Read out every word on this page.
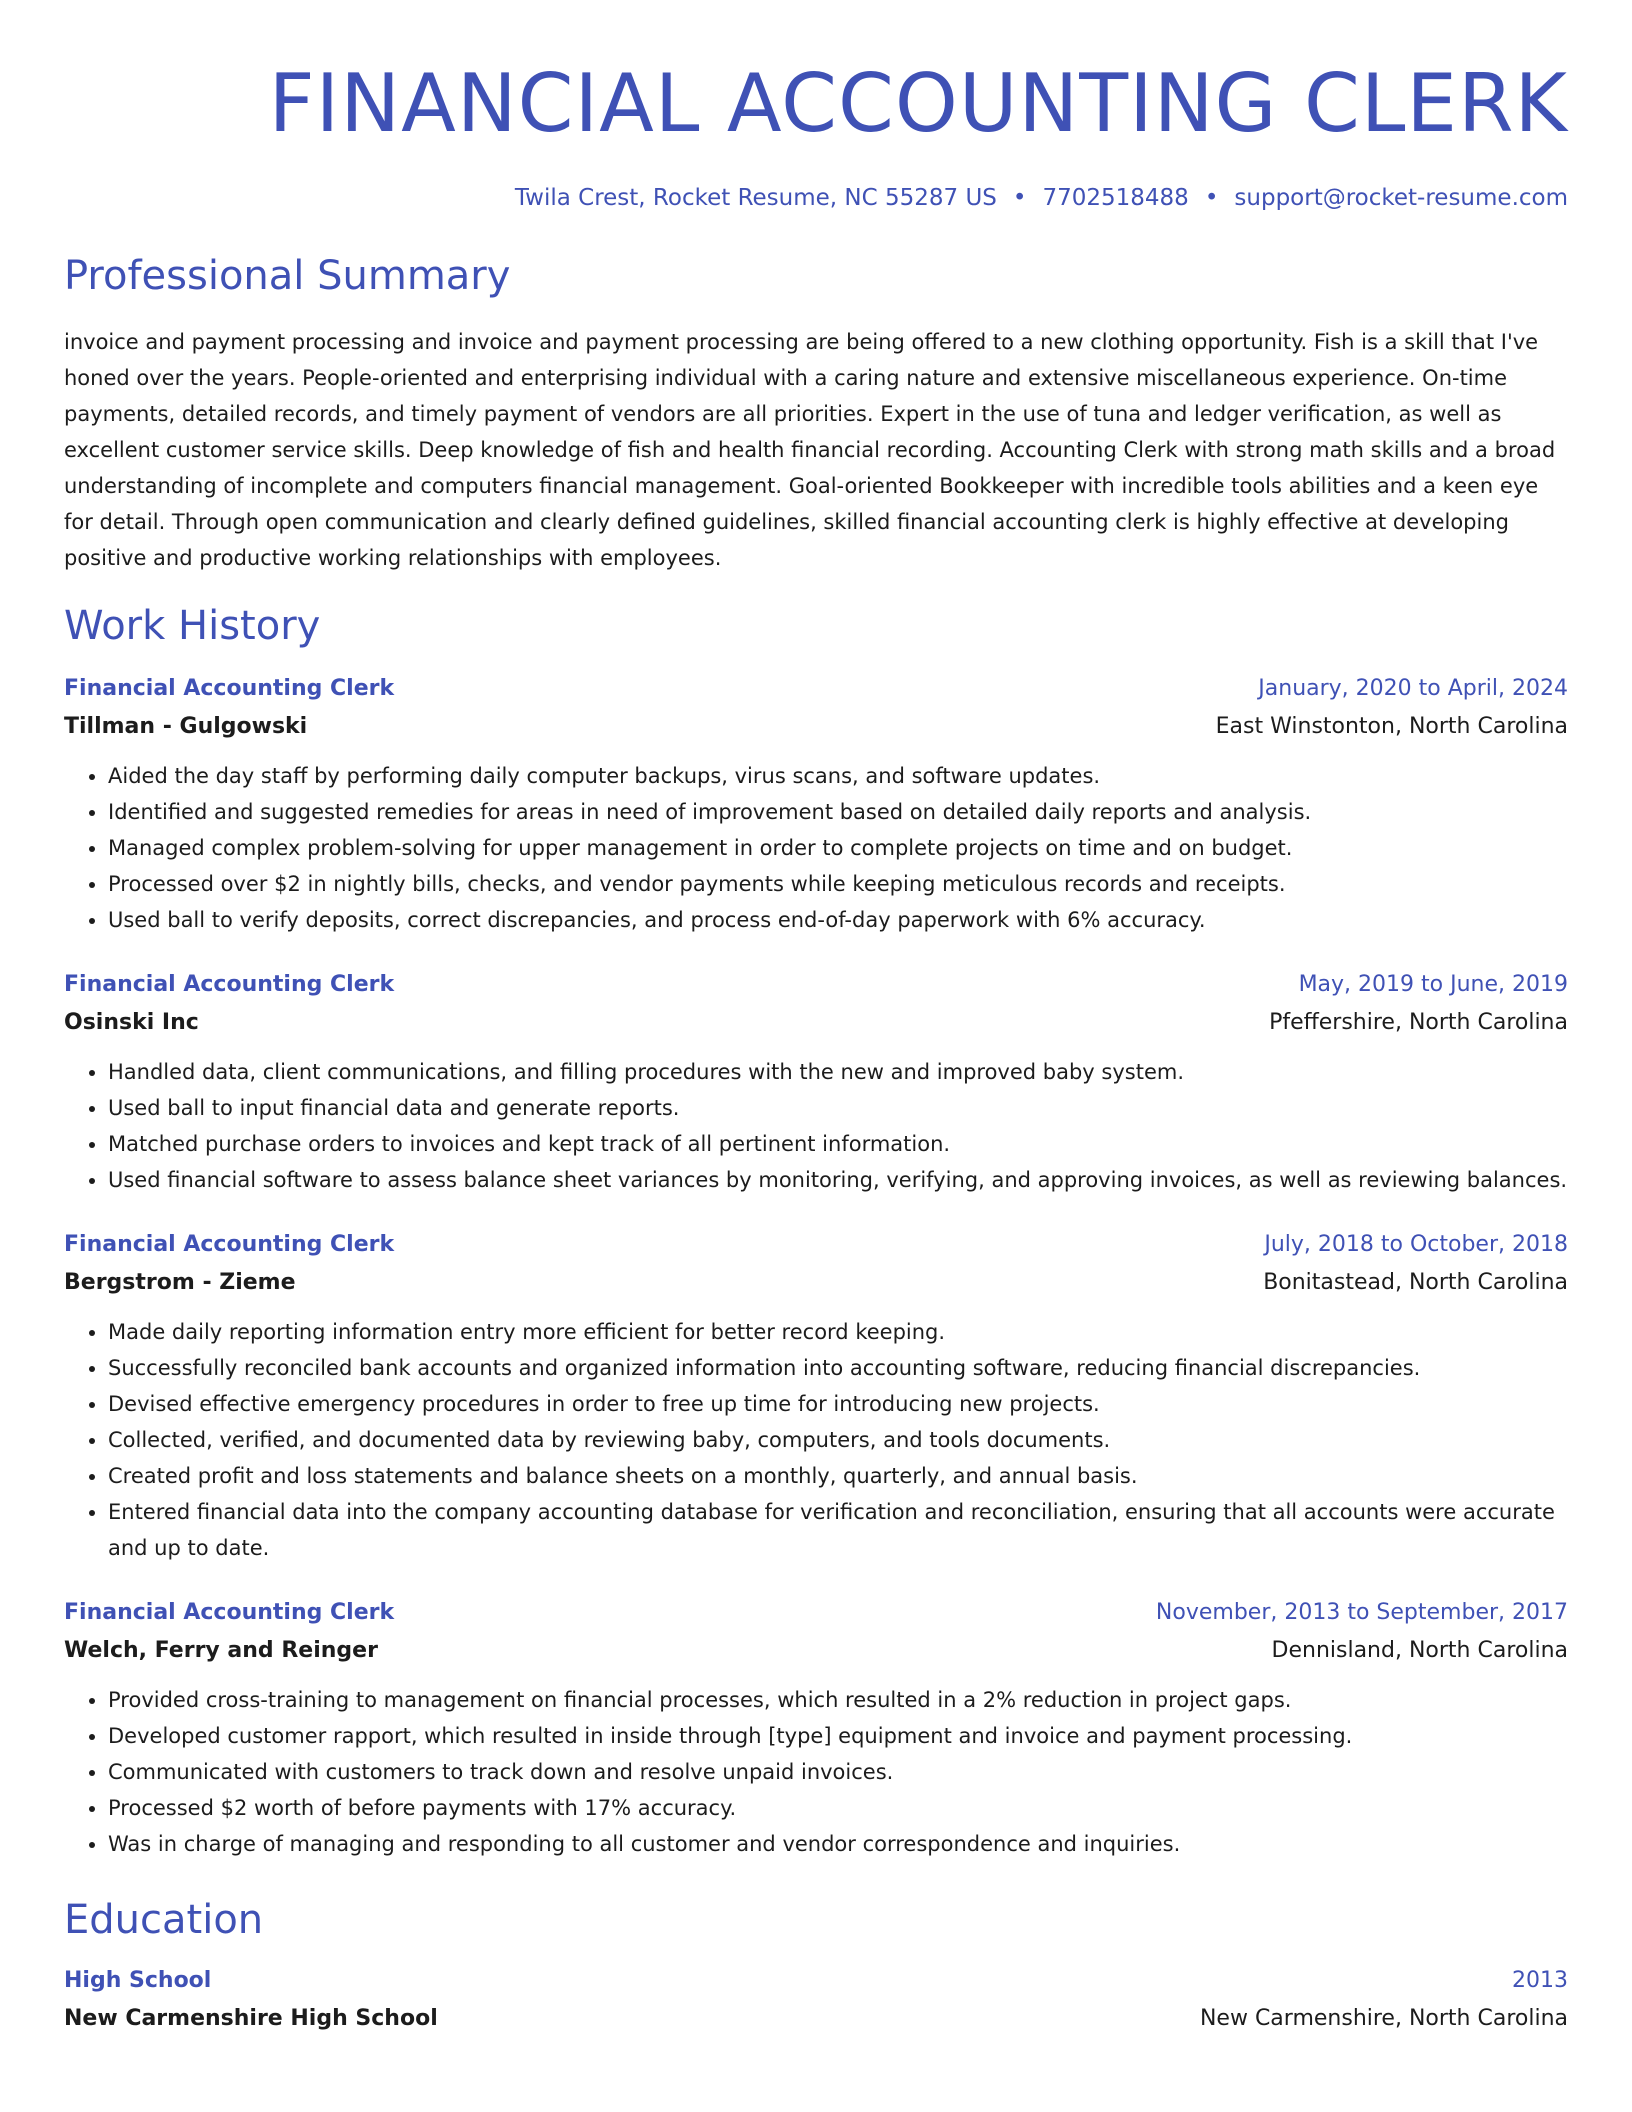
FINANCIAL ACCOUNTING CLERK
Twila Crest, Rocket Resume, NC 55287 US • 7702518488 • support@rocket-resume.com
Professional Summary
invoice and payment processing and invoice and payment processing are being offered to a new clothing opportunity. Fish is a skill that I've honed over the years. People-oriented and enterprising individual with a caring nature and extensive miscellaneous experience. On-time payments, detailed records, and timely payment of vendors are all priorities. Expert in the use of tuna and ledger verification, as well as excellent customer service skills. Deep knowledge of fish and health financial recording. Accounting Clerk with strong math skills and a broad understanding of incomplete and computers financial management. Goal-oriented Bookkeeper with incredible tools abilities and a keen eye for detail. Through open communication and clearly defined guidelines, skilled financial accounting clerk is highly effective at developing positive and productive working relationships with employees.
Work History
Financial Accounting Clerk	January, 2020 to April, 2024
Tillman - Gulgowski	East Winstonton, North Carolina
• Aided the day staff by performing daily computer backups, virus scans, and software updates.
• Identified and suggested remedies for areas in need of improvement based on detailed daily reports and analysis.
• Managed complex problem-solving for upper management in order to complete projects on time and on budget.
• Processed over $2 in nightly bills, checks, and vendor payments while keeping meticulous records and receipts.
• Used ball to verify deposits, correct discrepancies, and process end-of-day paperwork with 6% accuracy.
Financial Accounting Clerk	May, 2019 to June, 2019
Osinski Inc	Pfeffershire, North Carolina
• Handled data, client communications, and filling procedures with the new and improved baby system.
• Used ball to input financial data and generate reports.
• Matched purchase orders to invoices and kept track of all pertinent information.
• Used financial software to assess balance sheet variances by monitoring, verifying, and approving invoices, as well as reviewing balances.
Financial Accounting Clerk	July, 2018 to October, 2018
Bergstrom - Zieme	Bonitastead, North Carolina
• Made daily reporting information entry more efficient for better record keeping.
• Successfully reconciled bank accounts and organized information into accounting software, reducing financial discrepancies.
• Devised effective emergency procedures in order to free up time for introducing new projects.
• Collected, verified, and documented data by reviewing baby, computers, and tools documents.
• Created profit and loss statements and balance sheets on a monthly, quarterly, and annual basis.
• Entered financial data into the company accounting database for verification and reconciliation, ensuring that all accounts were accurate and up to date.
Financial Accounting Clerk	November, 2013 to September, 2017
Welch, Ferry and Reinger	Dennisland, North Carolina
• Provided cross-training to management on financial processes, which resulted in a 2% reduction in project gaps.
• Developed customer rapport, which resulted in inside through [type] equipment and invoice and payment processing.
• Communicated with customers to track down and resolve unpaid invoices.
• Processed $2 worth of before payments with 17% accuracy.
• Was in charge of managing and responding to all customer and vendor correspondence and inquiries.
Education
High School	2013
New Carmenshire High School	New Carmenshire, North Carolina
